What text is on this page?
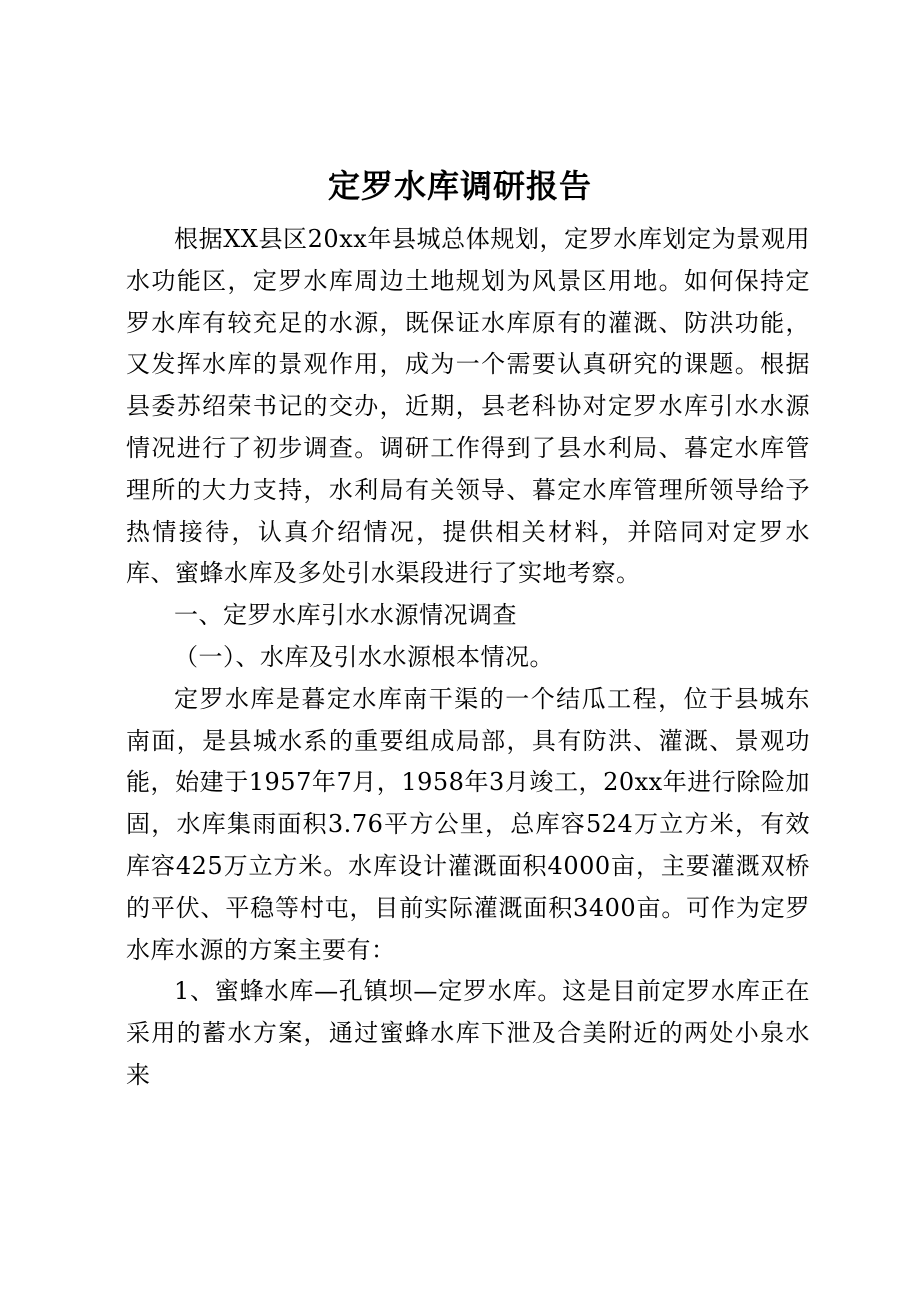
定罗水库调研报告

根据XX县区20xx年县城总体规划，定罗水库划定为景观用水功能区，定罗水库周边土地规划为风景区用地。如何保持定罗水库有较充足的水源，既保证水库原有的灌溉、防洪功能，又发挥水库的景观作用，成为一个需要认真研究的课题。根据县委苏绍荣书记的交办，近期，县老科协对定罗水库引水水源情况进行了初步调查。调研工作得到了县水利局、暮定水库管理所的大力支持，水利局有关领导、暮定水库管理所领导给予热情接待，认真介绍情况，提供相关材料，并陪同对定罗水库、蜜蜂水库及多处引水渠段进行了实地考察。

一、定罗水库引水水源情况调查

（一）、水库及引水水源根本情况。

定罗水库是暮定水库南干渠的一个结瓜工程，位于县城东南面，是县城水系的重要组成局部，具有防洪、灌溉、景观功能，始建于1957年7月，1958年3月竣工，20xx年进行除险加固，水库集雨面积3.76平方公里，总库容524万立方米，有效库容425万立方米。水库设计灌溉面积4000亩，主要灌溉双桥的平伏、平稳等村屯，目前实际灌溉面积3400亩。可作为定罗水库水源的方案主要有：

1、蜜蜂水库—孔镇坝—定罗水库。这是目前定罗水库正在采用的蓄水方案，通过蜜蜂水库下泄及合美附近的两处小泉水来
